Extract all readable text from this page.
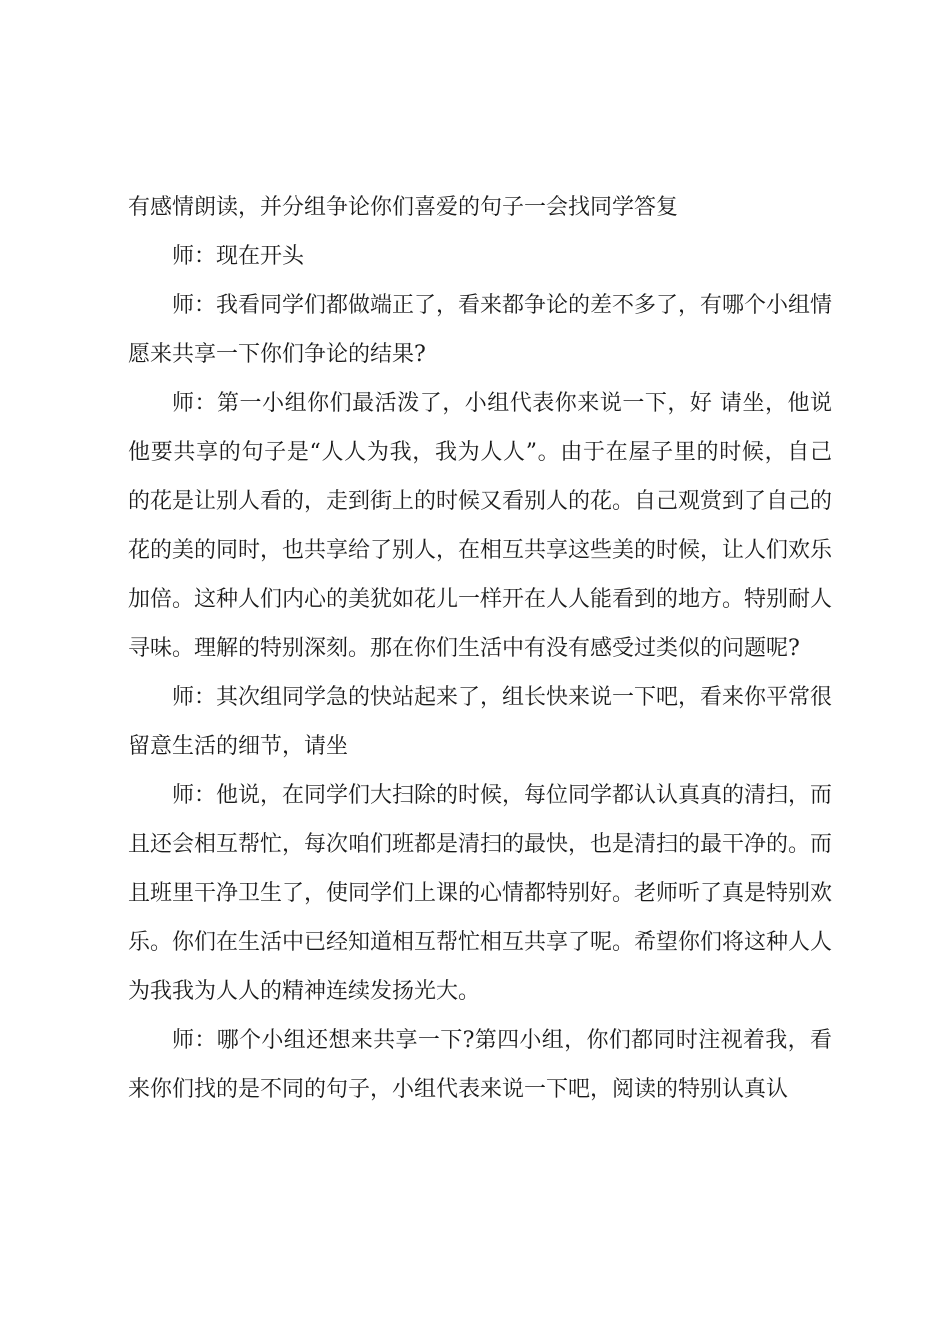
有感情朗读，并分组争论你们喜爱的句子一会找同学答复

师：现在开头

师：我看同学们都做端正了，看来都争论的差不多了，有哪个小组情愿来共享一下你们争论的结果?

师：第一小组你们最活泼了，小组代表你来说一下，好 请坐，他说他要共享的句子是“人人为我，我为人人”。由于在屋子里的时候，自己的花是让别人看的，走到街上的时候又看别人的花。自己观赏到了自己的花的美的同时，也共享给了别人，在相互共享这些美的时候，让人们欢乐加倍。这种人们内心的美犹如花儿一样开在人人能看到的地方。特别耐人寻味。理解的特别深刻。那在你们生活中有没有感受过类似的问题呢?

师：其次组同学急的快站起来了，组长快来说一下吧，看来你平常很留意生活的细节，请坐

师：他说，在同学们大扫除的时候，每位同学都认认真真的清扫，而且还会相互帮忙，每次咱们班都是清扫的最快，也是清扫的最干净的。而且班里干净卫生了，使同学们上课的心情都特别好。老师听了真是特别欢乐。你们在生活中已经知道相互帮忙相互共享了呢。希望你们将这种人人为我我为人人的精神连续发扬光大。

师：哪个小组还想来共享一下?第四小组，你们都同时注视着我，看来你们找的是不同的句子，小组代表来说一下吧，阅读的特别认真认
